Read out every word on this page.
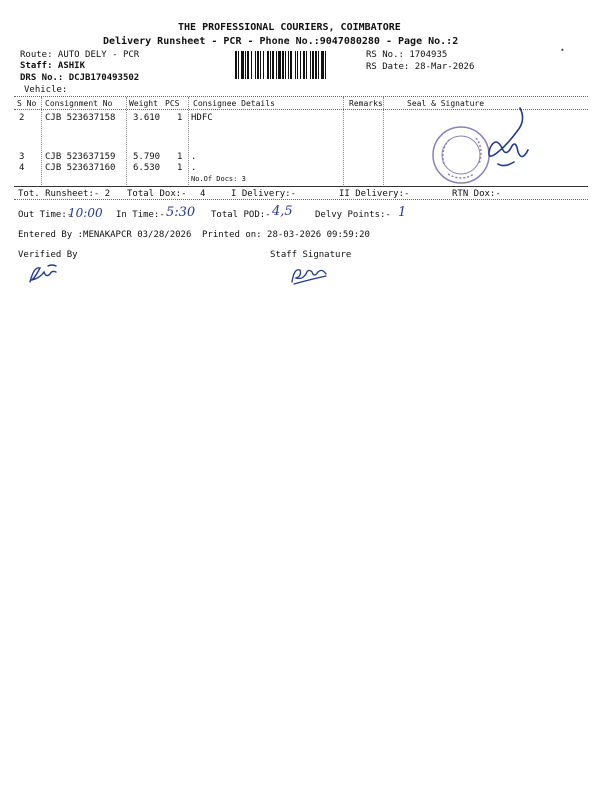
THE PROFESSIONAL COURIERS, COIMBATORE
Delivery Runsheet - PCR - Phone No.:9047080280 - Page No.:2
Route: AUTO DELY - PCR
Staff: ASHIK
DRS No.: DCJB170493502
Vehicle:
RS No.: 1704935
RS Date: 28-Mar-2026
S No Consignment No Weight PCS Consignee Details	Remarks	Seal & Signature
2 CJB 523637158 3.610 1 HDFC
3 CJB 523637159 5.790 1 .
4 CJB 523637160 6.530 1 .
No.Of Docs: 3
Tot. Runsheet:- 2 Total Dox:- 4	I Delivery:-	II Delivery:-	RTN Dox:-
Out Time:-
10:00 In Time:- 5:30 Total POD:- 4,5 Delvy Points:- 1
Entered By :MENAKAPCR 03/28/2026 Printed on: 28-03-2026 09:59:20
Verified By	Staff Signature
•
